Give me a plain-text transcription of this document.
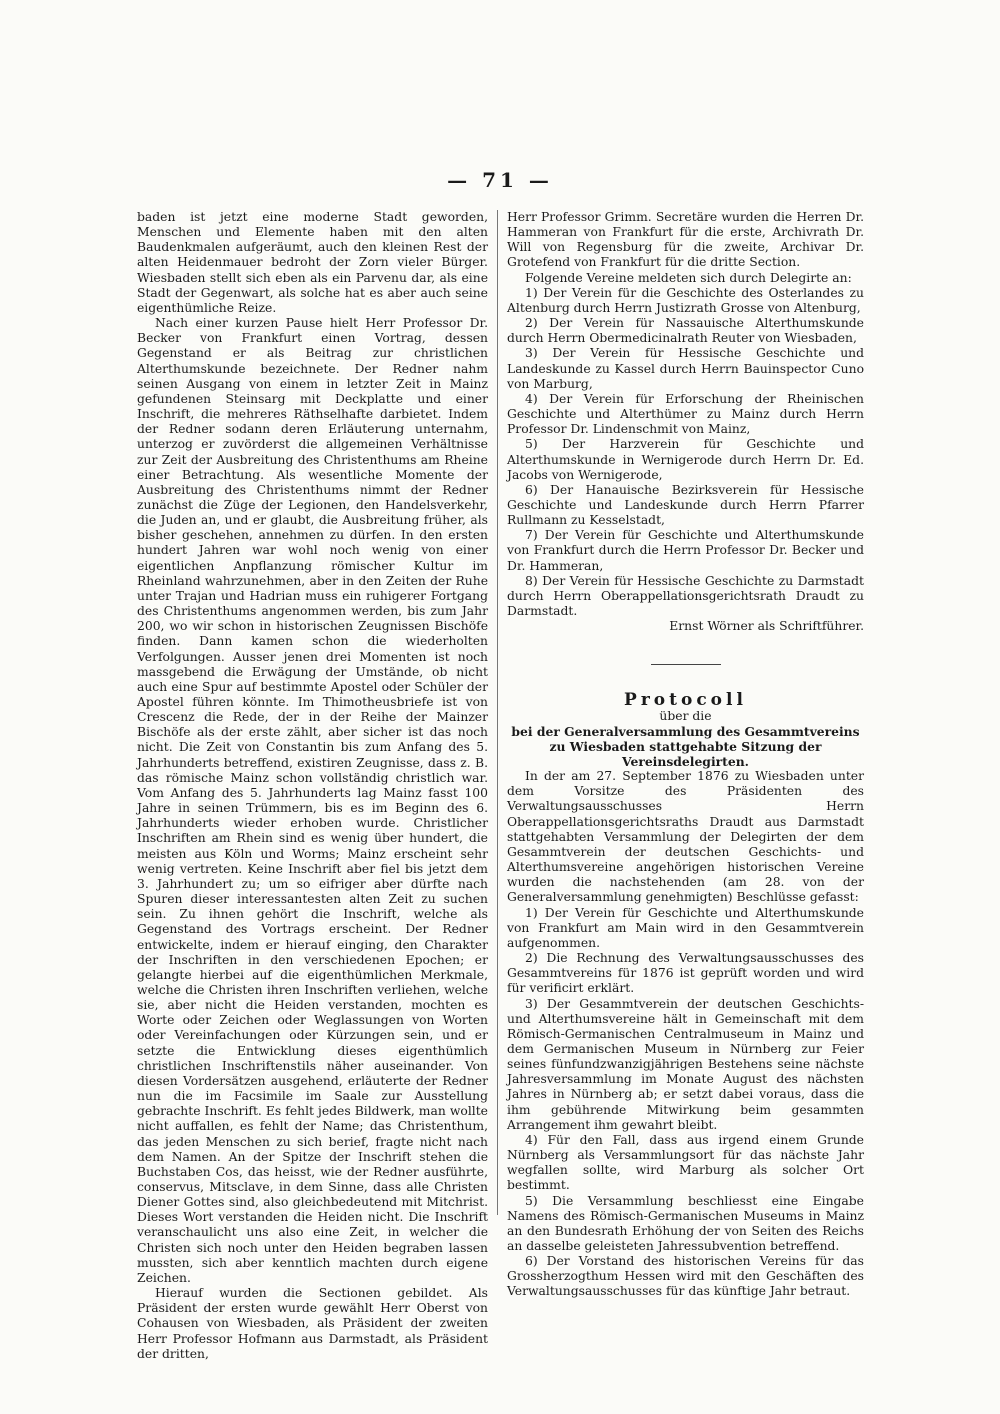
— 71 —

baden ist jetzt eine moderne Stadt geworden, Menschen und Elemente haben mit den alten Baudenkmalen aufgeräumt, auch den kleinen Rest der alten Heidenmauer bedroht der Zorn vieler Bürger. Wiesbaden stellt sich eben als ein Parvenu dar, als eine Stadt der Gegenwart, als solche hat es aber auch seine eigenthümliche Reize.

Nach einer kurzen Pause hielt Herr Professor Dr. Becker von Frankfurt einen Vortrag, dessen Gegenstand er als Beitrag zur christlichen Alterthumskunde bezeichnete. Der Redner nahm seinen Ausgang von einem in letzter Zeit in Mainz gefundenen Steinsarg mit Deckplatte und einer Inschrift, die mehreres Räthselhafte darbietet. Indem der Redner sodann deren Erläuterung unternahm, unterzog er zuvörderst die allgemeinen Verhältnisse zur Zeit der Ausbreitung des Christenthums am Rheine einer Betrachtung. Als wesentliche Momente der Ausbreitung des Christenthums nimmt der Redner zunächst die Züge der Legionen, den Handelsverkehr, die Juden an, und er glaubt, die Ausbreitung früher, als bisher geschehen, annehmen zu dürfen. In den ersten hundert Jahren war wohl noch wenig von einer eigentlichen Anpflanzung römischer Kultur im Rheinland wahrzunehmen, aber in den Zeiten der Ruhe unter Trajan und Hadrian muss ein ruhigerer Fortgang des Christenthums angenommen werden, bis zum Jahr 200, wo wir schon in historischen Zeugnissen Bischöfe finden. Dann kamen schon die wiederholten Verfolgungen. Ausser jenen drei Momenten ist noch massgebend die Erwägung der Umstände, ob nicht auch eine Spur auf bestimmte Apostel oder Schüler der Apostel führen könnte. Im Thimotheusbriefe ist von Crescenz die Rede, der in der Reihe der Mainzer Bischöfe als der erste zählt, aber sicher ist das noch nicht. Die Zeit von Constantin bis zum Anfang des 5. Jahrhunderts betreffend, existiren Zeugnisse, dass z. B. das römische Mainz schon vollständig christlich war. Vom Anfang des 5. Jahrhunderts lag Mainz fasst 100 Jahre in seinen Trümmern, bis es im Beginn des 6. Jahrhunderts wieder erhoben wurde. Christlicher Inschriften am Rhein sind es wenig über hundert, die meisten aus Köln und Worms; Mainz erscheint sehr wenig vertreten. Keine Inschrift aber fiel bis jetzt dem 3. Jahrhundert zu; um so eifriger aber dürfte nach Spuren dieser interessantesten alten Zeit zu suchen sein. Zu ihnen gehört die Inschrift, welche als Gegenstand des Vortrags erscheint. Der Redner entwickelte, indem er hierauf einging, den Charakter der Inschriften in den verschiedenen Epochen; er gelangte hierbei auf die eigenthümlichen Merkmale, welche die Christen ihren Inschriften verliehen, welche sie, aber nicht die Heiden verstanden, mochten es Worte oder Zeichen oder Weglassungen von Worten oder Vereinfachungen oder Kürzungen sein, und er setzte die Entwicklung dieses eigenthümlich christlichen Inschriftenstils näher auseinander. Von diesen Vordersätzen ausgehend, erläuterte der Redner nun die im Facsimile im Saale zur Ausstellung gebrachte Inschrift. Es fehlt jedes Bildwerk, man wollte nicht auffallen, es fehlt der Name; das Christenthum, das jeden Menschen zu sich berief, fragte nicht nach dem Namen. An der Spitze der Inschrift stehen die Buchstaben Cos, das heisst, wie der Redner ausführte, conservus, Mitsclave, in dem Sinne, dass alle Christen Diener Gottes sind, also gleichbedeutend mit Mitchrist. Dieses Wort verstanden die Heiden nicht. Die Inschrift veranschaulicht uns also eine Zeit, in welcher die Christen sich noch unter den Heiden begraben lassen mussten, sich aber kenntlich machten durch eigene Zeichen.

Hierauf wurden die Sectionen gebildet. Als Präsident der ersten wurde gewählt Herr Oberst von Cohausen von Wiesbaden, als Präsident der zweiten Herr Professor Hofmann aus Darmstadt, als Präsident der dritten,

Herr Professor Grimm. Secretäre wurden die Herren Dr. Hammeran von Frankfurt für die erste, Archivrath Dr. Will von Regensburg für die zweite, Archivar Dr. Grotefend von Frankfurt für die dritte Section.

Folgende Vereine meldeten sich durch Delegirte an:

1) Der Verein für die Geschichte des Osterlandes zu Altenburg durch Herrn Justizrath Grosse von Altenburg,

2) Der Verein für Nassauische Alterthumskunde durch Herrn Obermedicinalrath Reuter von Wiesbaden,

3) Der Verein für Hessische Geschichte und Landeskunde zu Kassel durch Herrn Bauinspector Cuno von Marburg,

4) Der Verein für Erforschung der Rheinischen Geschichte und Alterthümer zu Mainz durch Herrn Professor Dr. Lindenschmit von Mainz,

5) Der Harzverein für Geschichte und Alterthumskunde in Wernigerode durch Herrn Dr. Ed. Jacobs von Wernigerode,

6) Der Hanauische Bezirksverein für Hessische Geschichte und Landeskunde durch Herrn Pfarrer Rullmann zu Kesselstadt,

7) Der Verein für Geschichte und Alterthumskunde von Frankfurt durch die Herrn Professor Dr. Becker und Dr. Hammeran,

8) Der Verein für Hessische Geschichte zu Darmstadt durch Herrn Oberappellationsgerichtsrath Draudt zu Darmstadt.

Ernst Wörner als Schriftführer.

Protocoll

über die

bei der Generalversammlung des Gesammtvereins zu Wiesbaden stattgehabte Sitzung der Vereinsdelegirten.

In der am 27. September 1876 zu Wiesbaden unter dem Vorsitze des Präsidenten des Verwaltungsausschusses Herrn Oberappellationsgerichtsraths Draudt aus Darmstadt stattgehabten Versammlung der Delegirten der dem Gesammtverein der deutschen Geschichts- und Alterthumsvereine angehörigen historischen Vereine wurden die nachstehenden (am 28. von der Generalversammlung genehmigten) Beschlüsse gefasst:

1) Der Verein für Geschichte und Alterthumskunde von Frankfurt am Main wird in den Gesammtverein aufgenommen.

2) Die Rechnung des Verwaltungsausschusses des Gesammtvereins für 1876 ist geprüft worden und wird für verificirt erklärt.

3) Der Gesammtverein der deutschen Geschichts- und Alterthumsvereine hält in Gemeinschaft mit dem Römisch-Germanischen Centralmuseum in Mainz und dem Germanischen Museum in Nürnberg zur Feier seines fünfundzwanzigjährigen Bestehens seine nächste Jahresversammlung im Monate August des nächsten Jahres in Nürnberg ab; er setzt dabei voraus, dass die ihm gebührende Mitwirkung beim gesammten Arrangement ihm gewahrt bleibt.

4) Für den Fall, dass aus irgend einem Grunde Nürnberg als Versammlungsort für das nächste Jahr wegfallen sollte, wird Marburg als solcher Ort bestimmt.

5) Die Versammlung beschliesst eine Eingabe Namens des Römisch-Germanischen Museums in Mainz an den Bundesrath Erhöhung der von Seiten des Reichs an dasselbe geleisteten Jahressubvention betreffend.

6) Der Vorstand des historischen Vereins für das Grossherzogthum Hessen wird mit den Geschäften des Verwaltungsausschusses für das künftige Jahr betraut.
